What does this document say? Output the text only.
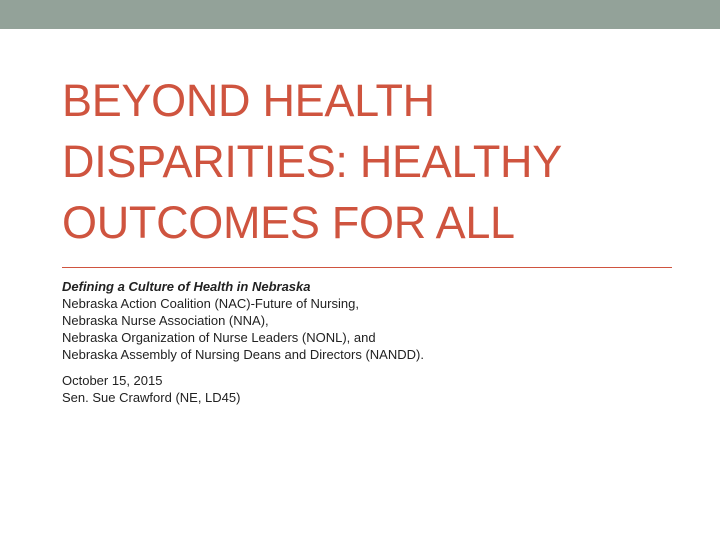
BEYOND HEALTH
DISPARITIES: HEALTHY
OUTCOMES FOR ALL
Defining a Culture of Health in Nebraska
Nebraska Action Coalition (NAC)-Future of Nursing,
Nebraska Nurse Association (NNA),
Nebraska Organization of Nurse Leaders (NONL), and
Nebraska Assembly of Nursing Deans and Directors (NANDD).
October 15, 2015
Sen. Sue Crawford (NE, LD45)
